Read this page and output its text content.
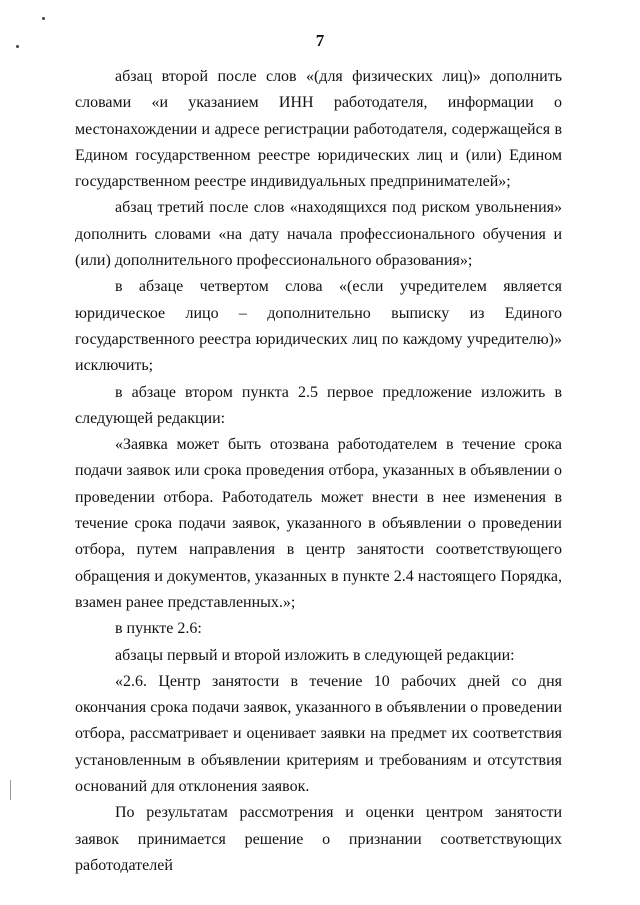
7

абзац второй после слов «(для физических лиц)» дополнить словами «и указанием ИНН работодателя, информации о местонахождении и адресе регистрации работодателя, содержащейся в Едином государственном реестре юридических лиц и (или) Едином государственном реестре индивидуальных предпринимателей»;

абзац третий после слов «находящихся под риском увольнения» дополнить словами «на дату начала профессионального обучения и (или) дополнительного профессионального образования»;

в абзаце четвертом слова «(если учредителем является юридическое лицо – дополнительно выписку из Единого государственного реестра юридических лиц по каждому учредителю)» исключить;

в абзаце втором пункта 2.5 первое предложение изложить в следующей редакции:

«Заявка может быть отозвана работодателем в течение срока подачи заявок или срока проведения отбора, указанных в объявлении о проведении отбора. Работодатель может внести в нее изменения в течение срока подачи заявок, указанного в объявлении о проведении отбора, путем направления в центр занятости соответствующего обращения и документов, указанных в пункте 2.4 настоящего Порядка, взамен ранее представленных.»;

в пункте 2.6:

абзацы первый и второй изложить в следующей редакции:

«2.6. Центр занятости в течение 10 рабочих дней со дня окончания срока подачи заявок, указанного в объявлении о проведении отбора, рассматривает и оценивает заявки на предмет их соответствия установленным в объявлении критериям и требованиям и отсутствия оснований для отклонения заявок.

По результатам рассмотрения и оценки центром занятости заявок принимается решение о признании соответствующих работодателей
